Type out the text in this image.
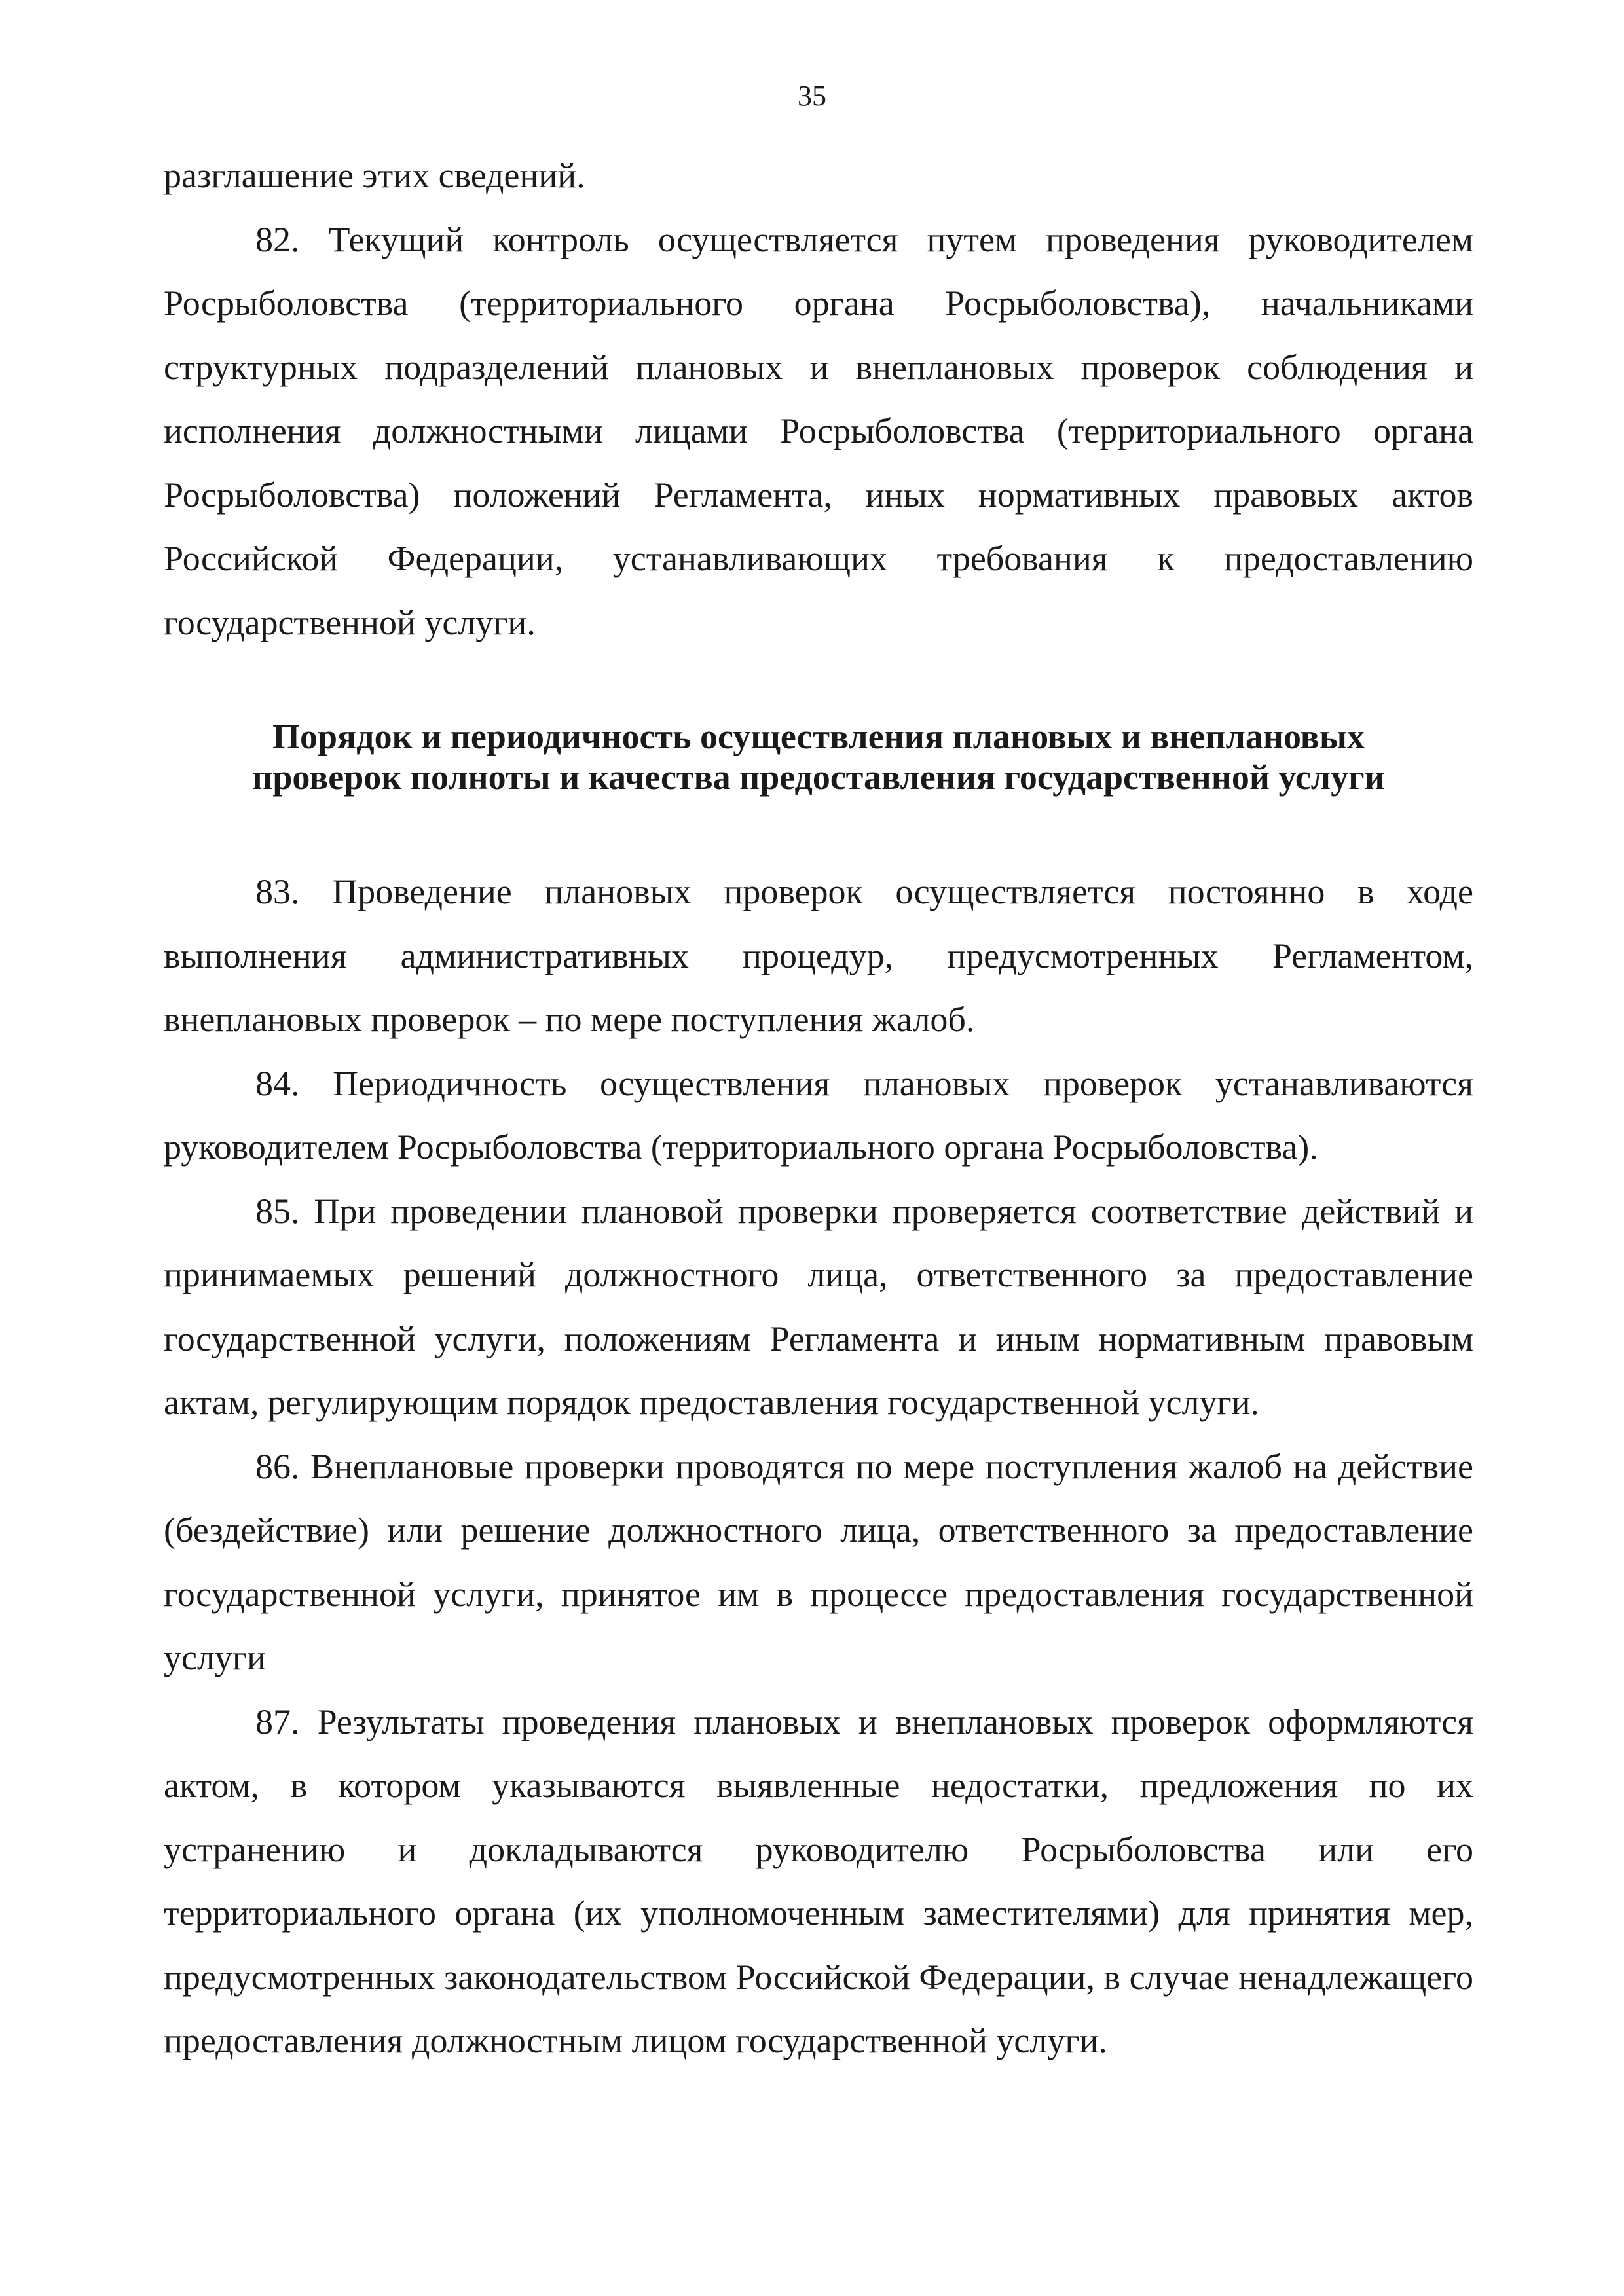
35

разглашение этих сведений.

82. Текущий контроль осуществляется путем проведения руководителем Росрыболовства (территориального органа Росрыболовства), начальниками структурных подразделений плановых и внеплановых проверок соблюдения и исполнения должностными лицами Росрыболовства (территориального органа Росрыболовства) положений Регламента, иных нормативных правовых актов Российской Федерации, устанавливающих требования к предоставлению государственной услуги.

Порядок и периодичность осуществления плановых и внеплановых
проверок полноты и качества предоставления государственной услуги

83. Проведение плановых проверок осуществляется постоянно в ходе выполнения административных процедур, предусмотренных Регламентом, внеплановых проверок – по мере поступления жалоб.

84. Периодичность осуществления плановых проверок устанавливаются руководителем Росрыболовства (территориального органа Росрыболовства).

85. При проведении плановой проверки проверяется соответствие действий и принимаемых решений должностного лица, ответственного за предоставление государственной услуги, положениям Регламента и иным нормативным правовым актам, регулирующим порядок предоставления государственной услуги.

86. Внеплановые проверки проводятся по мере поступления жалоб на действие (бездействие) или решение должностного лица, ответственного за предоставление государственной услуги, принятое им в процессе предоставления государственной услуги

87. Результаты проведения плановых и внеплановых проверок оформляются актом, в котором указываются выявленные недостатки, предложения по их устранению и докладываются руководителю Росрыболовства или его территориального органа (их уполномоченным заместителями) для принятия мер, предусмотренных законодательством Российской Федерации, в случае ненадлежащего предоставления должностным лицом государственной услуги.
